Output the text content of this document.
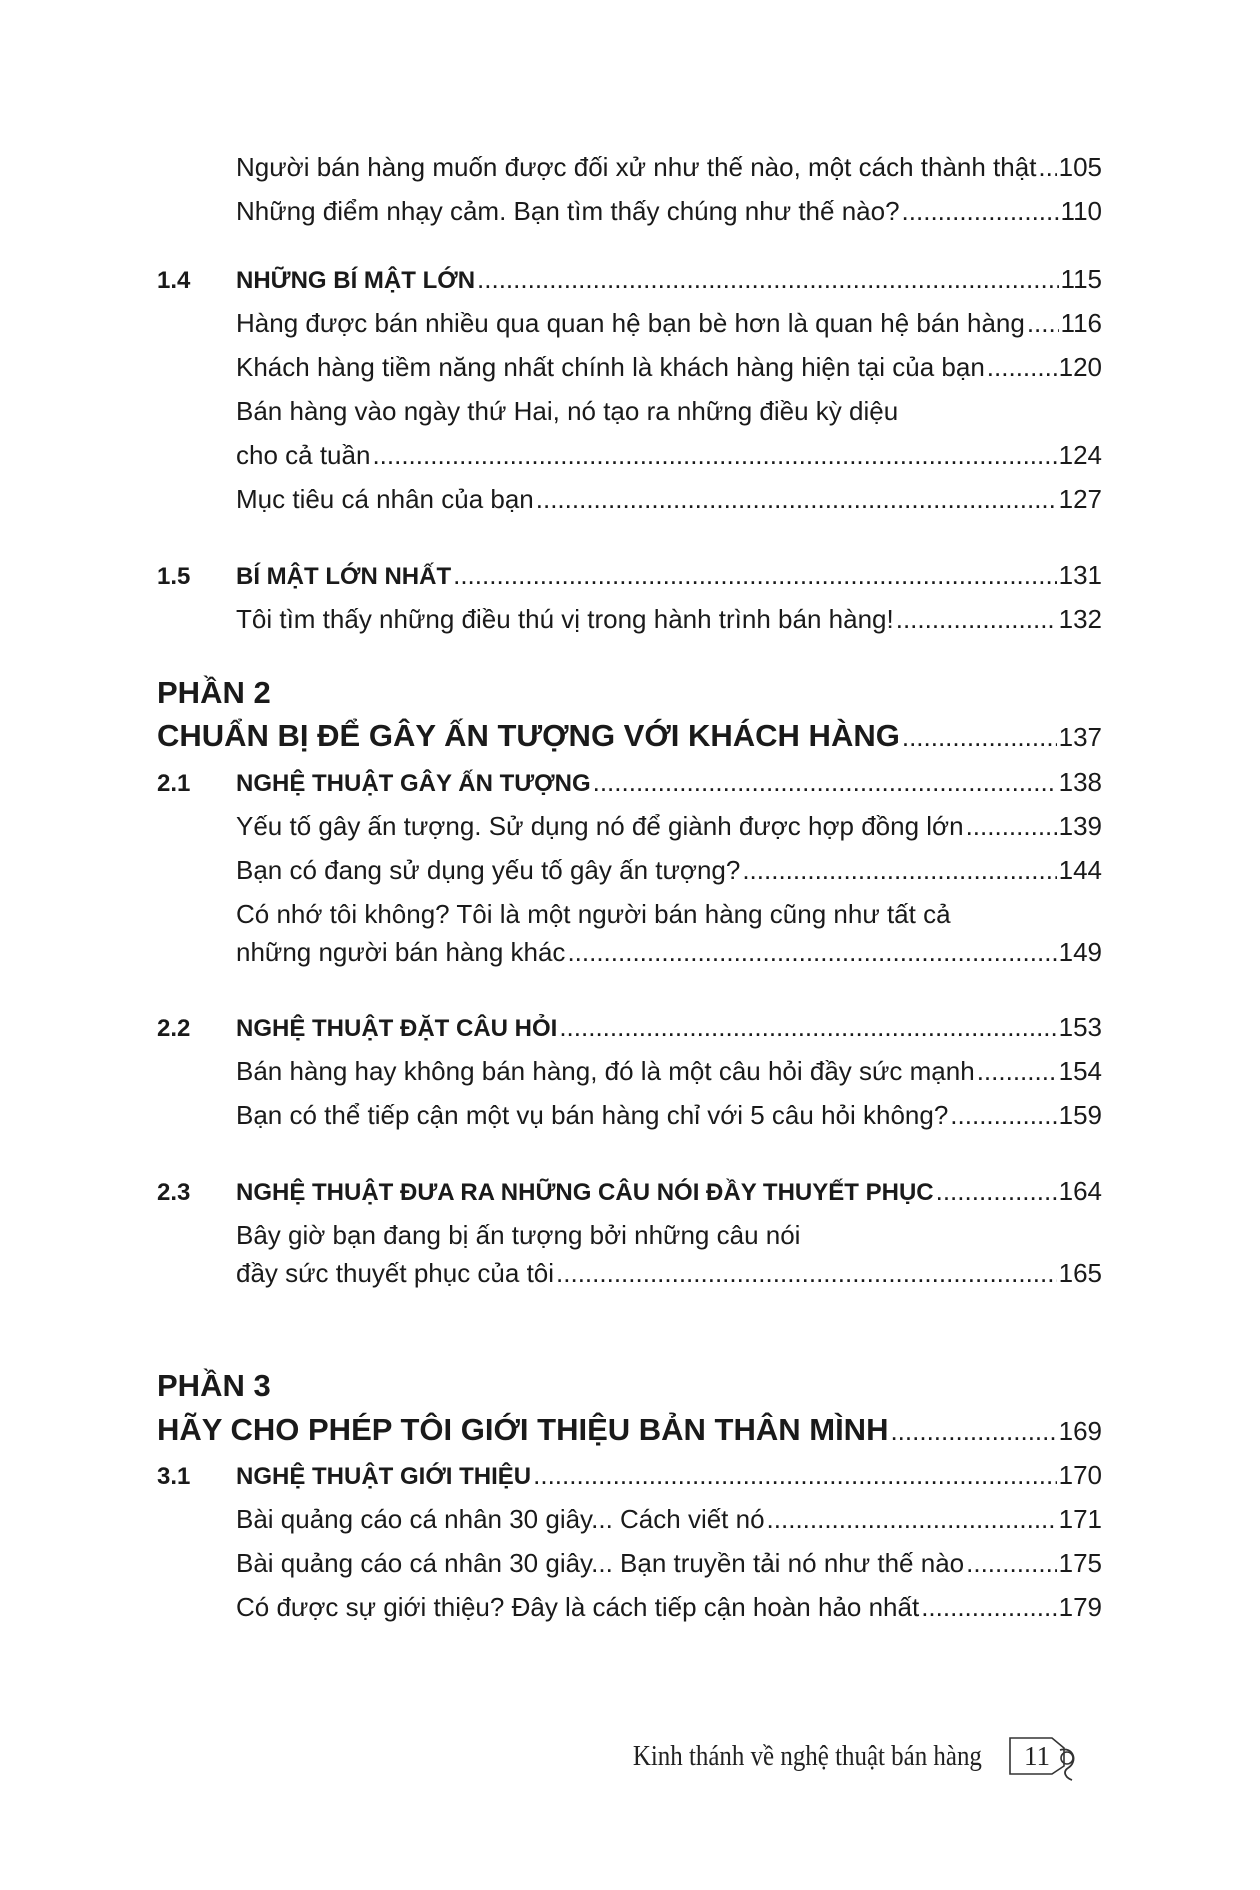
Người bán hàng muốn được đối xử như thế nào, một cách thành thật ..... 105
Những điểm nhạy cảm. Bạn tìm thấy chúng như thế nào? .....	110
1.4	NHỮNG BÍ MẬT LỚN .....	115
Hàng được bán nhiều qua quan hệ bạn bè hơn là quan hệ bán hàng ..... 116
Khách hàng tiềm năng nhất chính là khách hàng hiện tại của bạn .....	120
Bán hàng vào ngày thứ Hai, nó tạo ra những điều kỳ diệu
cho cả tuần .....	124
Mục tiêu cá nhân của bạn .....	127
1.5	BÍ MẬT LỚN NHẤT .....	131
Tôi tìm thấy những điều thú vị trong hành trình bán hàng! .....	132
PHẦN 2
CHUẨN BỊ ĐỂ GÂY ẤN TƯỢNG VỚI KHÁCH HÀNG .....	137
2.1	NGHỆ THUẬT GÂY ẤN TƯỢNG .....	138
Yếu tố gây ấn tượng. Sử dụng nó để giành được hợp đồng lớn .....	139
Bạn có đang sử dụng yếu tố gây ấn tượng? .....	144
Có nhớ tôi không? Tôi là một người bán hàng cũng như tất cả
những người bán hàng khác .....	149
2.2	NGHỆ THUẬT ĐẶT CÂU HỎI .....	153
Bán hàng hay không bán hàng, đó là một câu hỏi đầy sức mạnh .....	154
Bạn có thể tiếp cận một vụ bán hàng chỉ với 5 câu hỏi không? .....	159
2.3	NGHỆ THUẬT ĐƯA RA NHỮNG CÂU NÓI ĐẦY THUYẾT PHỤC .....	164
Bây giờ bạn đang bị ấn tượng bởi những câu nói
đầy sức thuyết phục của tôi .....	165
PHẦN 3
HÃY CHO PHÉP TÔI GIỚI THIỆU BẢN THÂN MÌNH .....	169
3.1	NGHỆ THUẬT GIỚI THIỆU .....	170
Bài quảng cáo cá nhân 30 giây... Cách viết nó .....	171
Bài quảng cáo cá nhân 30 giây... Bạn truyền tải nó như thế nào .....	175
Có được sự giới thiệu? Đây là cách tiếp cận hoàn hảo nhất .....	179
Kinh thánh về nghệ thuật bán hàng 11
